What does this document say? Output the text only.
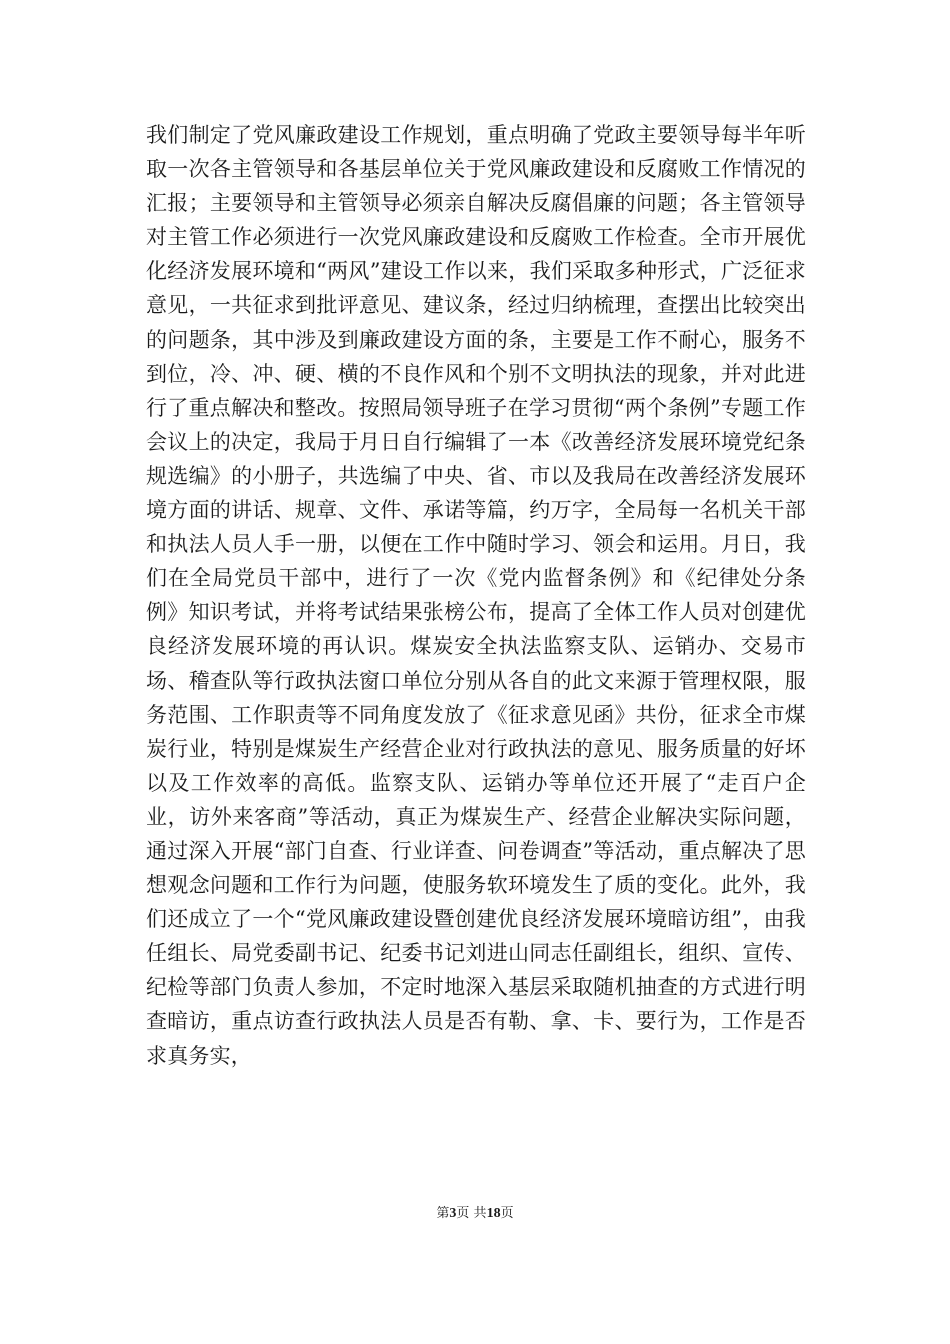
我们制定了党风廉政建设工作规划，重点明确了党政主要领导每半年听取一次各主管领导和各基层单位关于党风廉政建设和反腐败工作情况的汇报；主要领导和主管领导必须亲自解决反腐倡廉的问题；各主管领导对主管工作必须进行一次党风廉政建设和反腐败工作检查。全市开展优化经济发展环境和“两风”建设工作以来，我们采取多种形式，广泛征求意见，一共征求到批评意见、建议条，经过归纳梳理，查摆出比较突出的问题条，其中涉及到廉政建设方面的条，主要是工作不耐心，服务不到位，冷、冲、硬、横的不良作风和个别不文明执法的现象，并对此进行了重点解决和整改。按照局领导班子在学习贯彻“两个条例”专题工作会议上的决定，我局于月日自行编辑了一本《改善经济发展环境党纪条规选编》的小册子，共选编了中央、省、市以及我局在改善经济发展环境方面的讲话、规章、文件、承诺等篇，约万字，全局每一名机关干部和执法人员人手一册，以便在工作中随时学习、领会和运用。月日，我们在全局党员干部中，进行了一次《党内监督条例》和《纪律处分条例》知识考试，并将考试结果张榜公布，提高了全体工作人员对创建优良经济发展环境的再认识。煤炭安全执法监察支队、运销办、交易市场、稽查队等行政执法窗口单位分别从各自的此文来源于管理权限，服务范围、工作职责等不同角度发放了《征求意见函》共份，征求全市煤炭行业，特别是煤炭生产经营企业对行政执法的意见、服务质量的好坏以及工作效率的高低。监察支队、运销办等单位还开展了“走百户企业，访外来客商”等活动，真正为煤炭生产、经营企业解决实际问题，通过深入开展“部门自查、行业详查、问卷调查”等活动，重点解决了思想观念问题和工作行为问题，使服务软环境发生了质的变化。此外，我们还成立了一个“党风廉政建设暨创建优良经济发展环境暗访组”，由我任组长、局党委副书记、纪委书记刘进山同志任副组长，组织、宣传、纪检等部门负责人参加，不定时地深入基层采取随机抽查的方式进行明查暗访，重点访查行政执法人员是否有勒、拿、卡、要行为，工作是否求真务实，

第3页 共18页
